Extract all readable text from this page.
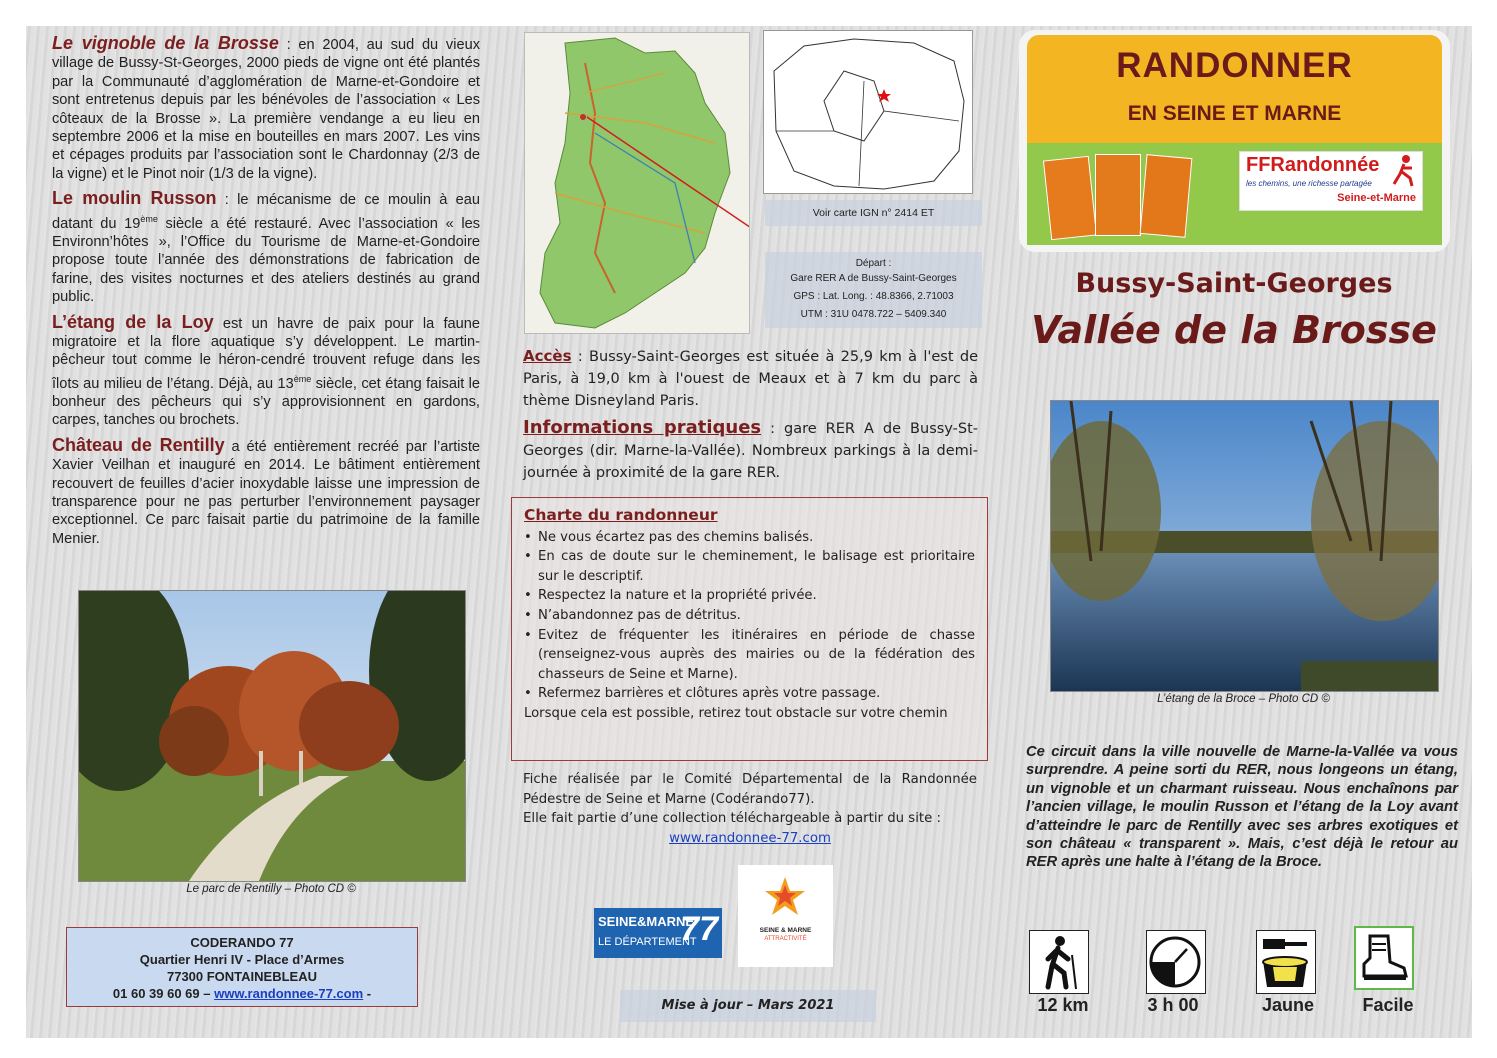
Le vignoble de la Brosse : en 2004, au sud du vieux village de Bussy-St-Georges, 2000 pieds de vigne ont été plantés par la Communauté d’agglomération de Marne-et-Gondoire et sont entretenus depuis par les bénévoles de l’association « Les côteaux de la Brosse ». La première vendange a eu lieu en septembre 2006 et la mise en bouteilles en mars 2007. Les vins et cépages produits par l’association sont le Chardonnay (2/3 de la vigne) et le Pinot noir (1/3 de la vigne).

Le moulin Russon : le mécanisme de ce moulin à eau datant du 19ème siècle a été restauré. Avec l’association « les Environn’hôtes », l’Office du Tourisme de Marne-et-Gondoire propose toute l’année des démonstrations de fabrication de farine, des visites nocturnes et des ateliers destinés au grand public.

L’étang de la Loy est un havre de paix pour la faune migratoire et la flore aquatique s’y développent. Le martin-pêcheur tout comme le héron-cendré trouvent refuge dans les îlots au milieu de l’étang. Déjà, au 13ème siècle, cet étang faisait le bonheur des pêcheurs qui s’y approvisionnent en gardons, carpes, tanches ou brochets.

Château de Rentilly a été entièrement recréé par l’artiste Xavier Veilhan et inauguré en 2014. Le bâtiment entièrement recouvert de feuilles d’acier inoxydable laisse une impression de transparence pour ne pas perturber l’environnement paysager exceptionnel. Ce parc faisait partie du patrimoine de la famille Menier.

Le parc de Rentilly – Photo CD ©
CODERANDO 77
Quartier Henri IV - Place d’Armes
77300 FONTAINEBLEAU
01 60 39 60 69 – www.randonnee-77.com -
Voir carte IGN n° 2414 ET
Départ :
Gare RER A de Bussy-Saint-Georges
GPS : Lat. Long. : 48.8366, 2.71003
UTM : 31U 0478.722 – 5409.340
Accès : Bussy-Saint-Georges est située à 25,9 km à l'est de Paris, à 19,0 km à l'ouest de Meaux et à 7 km du parc à thème Disneyland Paris.
Informations pratiques : gare RER A de Bussy-St-Georges (dir. Marne-la-Vallée). Nombreux parkings à la demi-journée à proximité de la gare RER.
Charte du randonneur
• Ne vous écartez pas des chemins balisés.
• En cas de doute sur le cheminement, le balisage est prioritaire sur le descriptif.
• Respectez la nature et la propriété privée.
• N’abandonnez pas de détritus.
• Evitez de fréquenter les itinéraires en période de chasse (renseignez-vous auprès des mairies ou de la fédération des chasseurs de Seine et Marne).
• Refermez barrières et clôtures après votre passage.
Lorsque cela est possible, retirez tout obstacle sur votre chemin
Fiche réalisée par le Comité Départemental de la Randonnée Pédestre de Seine et Marne (Codérando77).
Elle fait partie d’une collection téléchargeable à partir du site :
www.randonnee-77.com
SEINE&MARNE
LE DÉPARTEMENT
77	SEINE & MARNE
ATTRACTIVITÉ
Mise à jour – Mars 2021
RANDONNER
EN SEINE ET MARNE
FFRandonnée
les chemins, une richesse partagée
Seine-et-Marne
Bussy-Saint-Georges
Vallée de la Brosse
L’étang de la Broce – Photo CD ©
Ce circuit dans la ville nouvelle de Marne-la-Vallée va vous surprendre. A peine sorti du RER, nous longeons un étang, un vignoble et un charmant ruisseau. Nous enchaînons par l’ancien village, le moulin Russon et l’étang de la Loy avant d’atteindre le parc de Rentilly avec ses arbres exotiques et son château « transparent ». Mais, c’est déjà le retour au RER après une halte à l’étang de la Broce.
12 km	3 h 00	Jaune	Facile
